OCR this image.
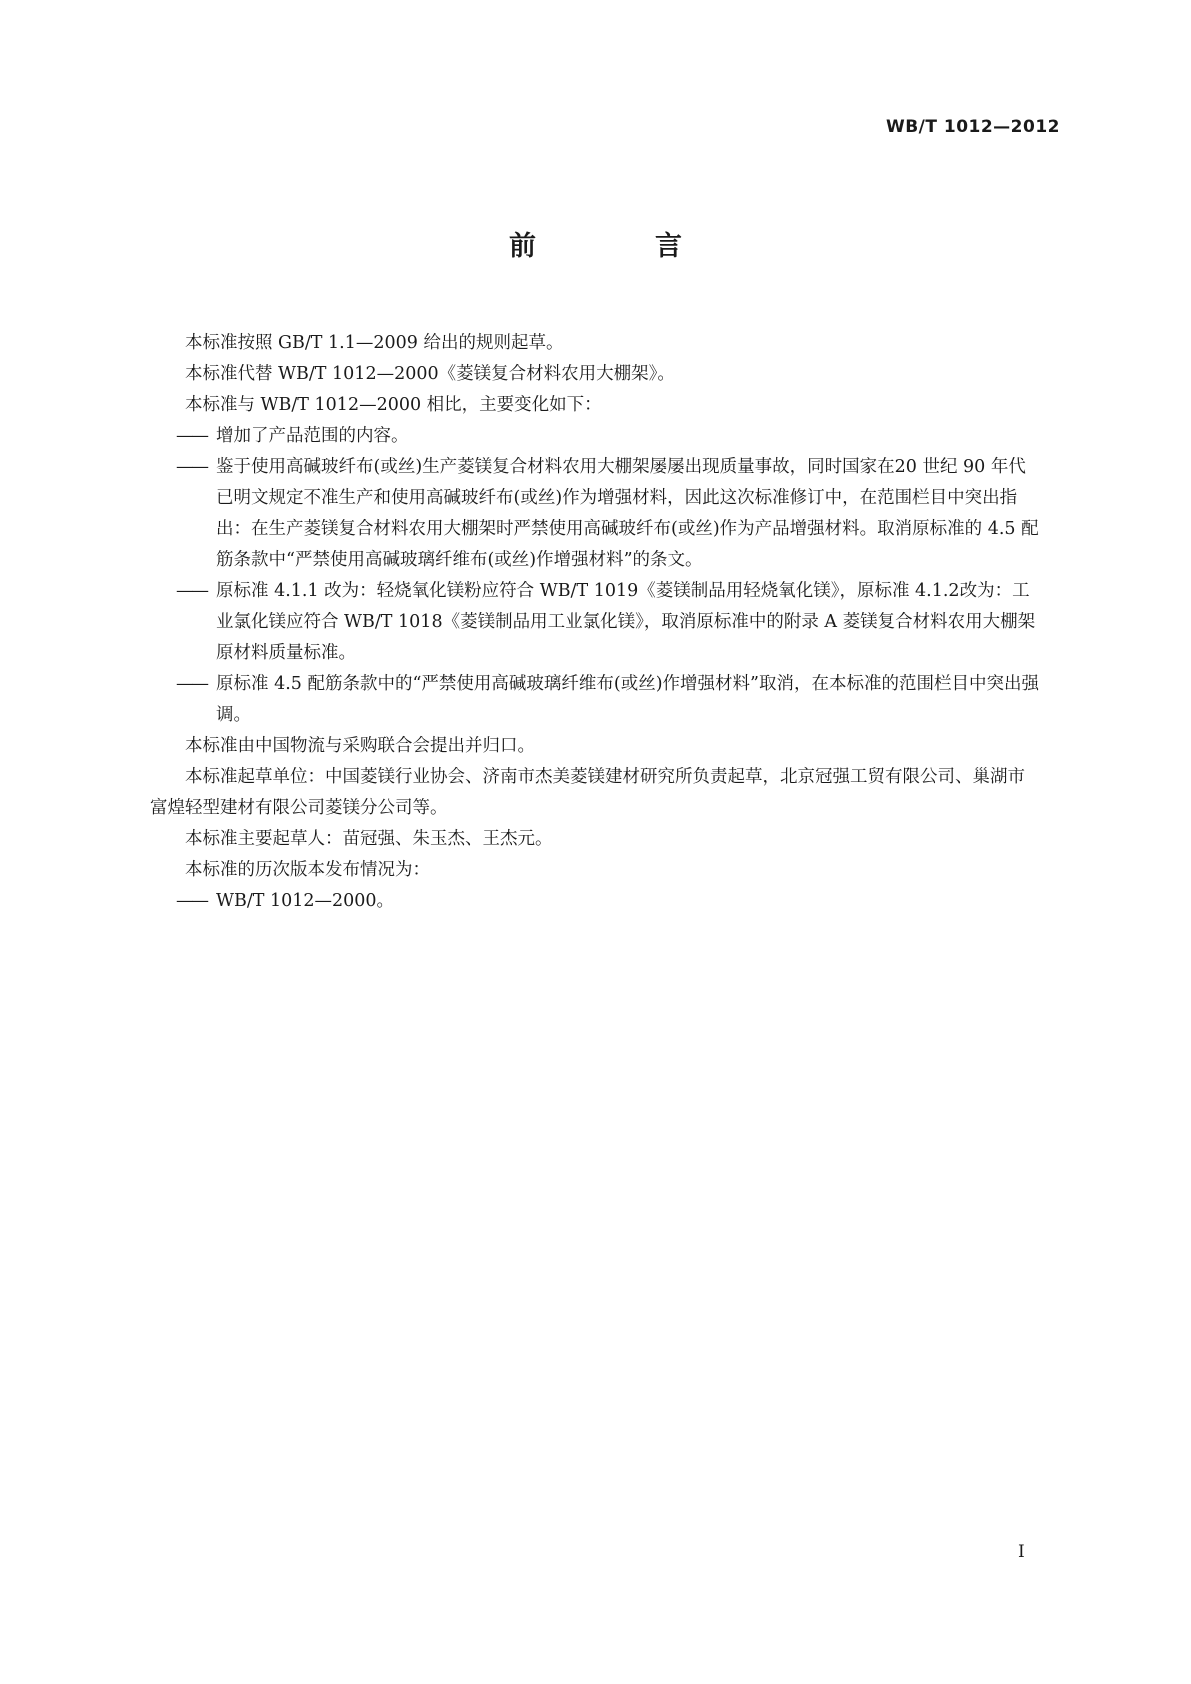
WB/T 1012—2012
前　言

本标准按照 GB/T 1.1—2009 给出的规则起草。

本标准代替 WB/T 1012—2000《菱镁复合材料农用大棚架》。

本标准与 WB/T 1012—2000 相比，主要变化如下：

—— 增加了产品范围的内容。
—— 鉴于使用高碱玻纤布(或丝)生产菱镁复合材料农用大棚架屡屡出现质量事故，同时国家在20 世纪 90 年代已明文规定不准生产和使用高碱玻纤布(或丝)作为增强材料，因此这次标准修订中，在范围栏目中突出指出：在生产菱镁复合材料农用大棚架时严禁使用高碱玻纤布(或丝)作为产品增强材料。取消原标准的 4.5 配筋条款中“严禁使用高碱玻璃纤维布(或丝)作增强材料”的条文。
—— 原标准 4.1.1 改为：轻烧氧化镁粉应符合 WB/T 1019《菱镁制品用轻烧氧化镁》，原标准 4.1.2改为：工业氯化镁应符合 WB/T 1018《菱镁制品用工业氯化镁》，取消原标准中的附录 A 菱镁复合材料农用大棚架原材料质量标准。
—— 原标准 4.5 配筋条款中的“严禁使用高碱玻璃纤维布(或丝)作增强材料”取消，在本标准的范围栏目中突出强调。

本标准由中国物流与采购联合会提出并归口。

本标准起草单位：中国菱镁行业协会、济南市杰美菱镁建材研究所负责起草，北京冠强工贸有限公司、巢湖市富煌轻型建材有限公司菱镁分公司等。

本标准主要起草人：苗冠强、朱玉杰、王杰元。

本标准的历次版本发布情况为：

—— WB/T 1012—2000。
I
